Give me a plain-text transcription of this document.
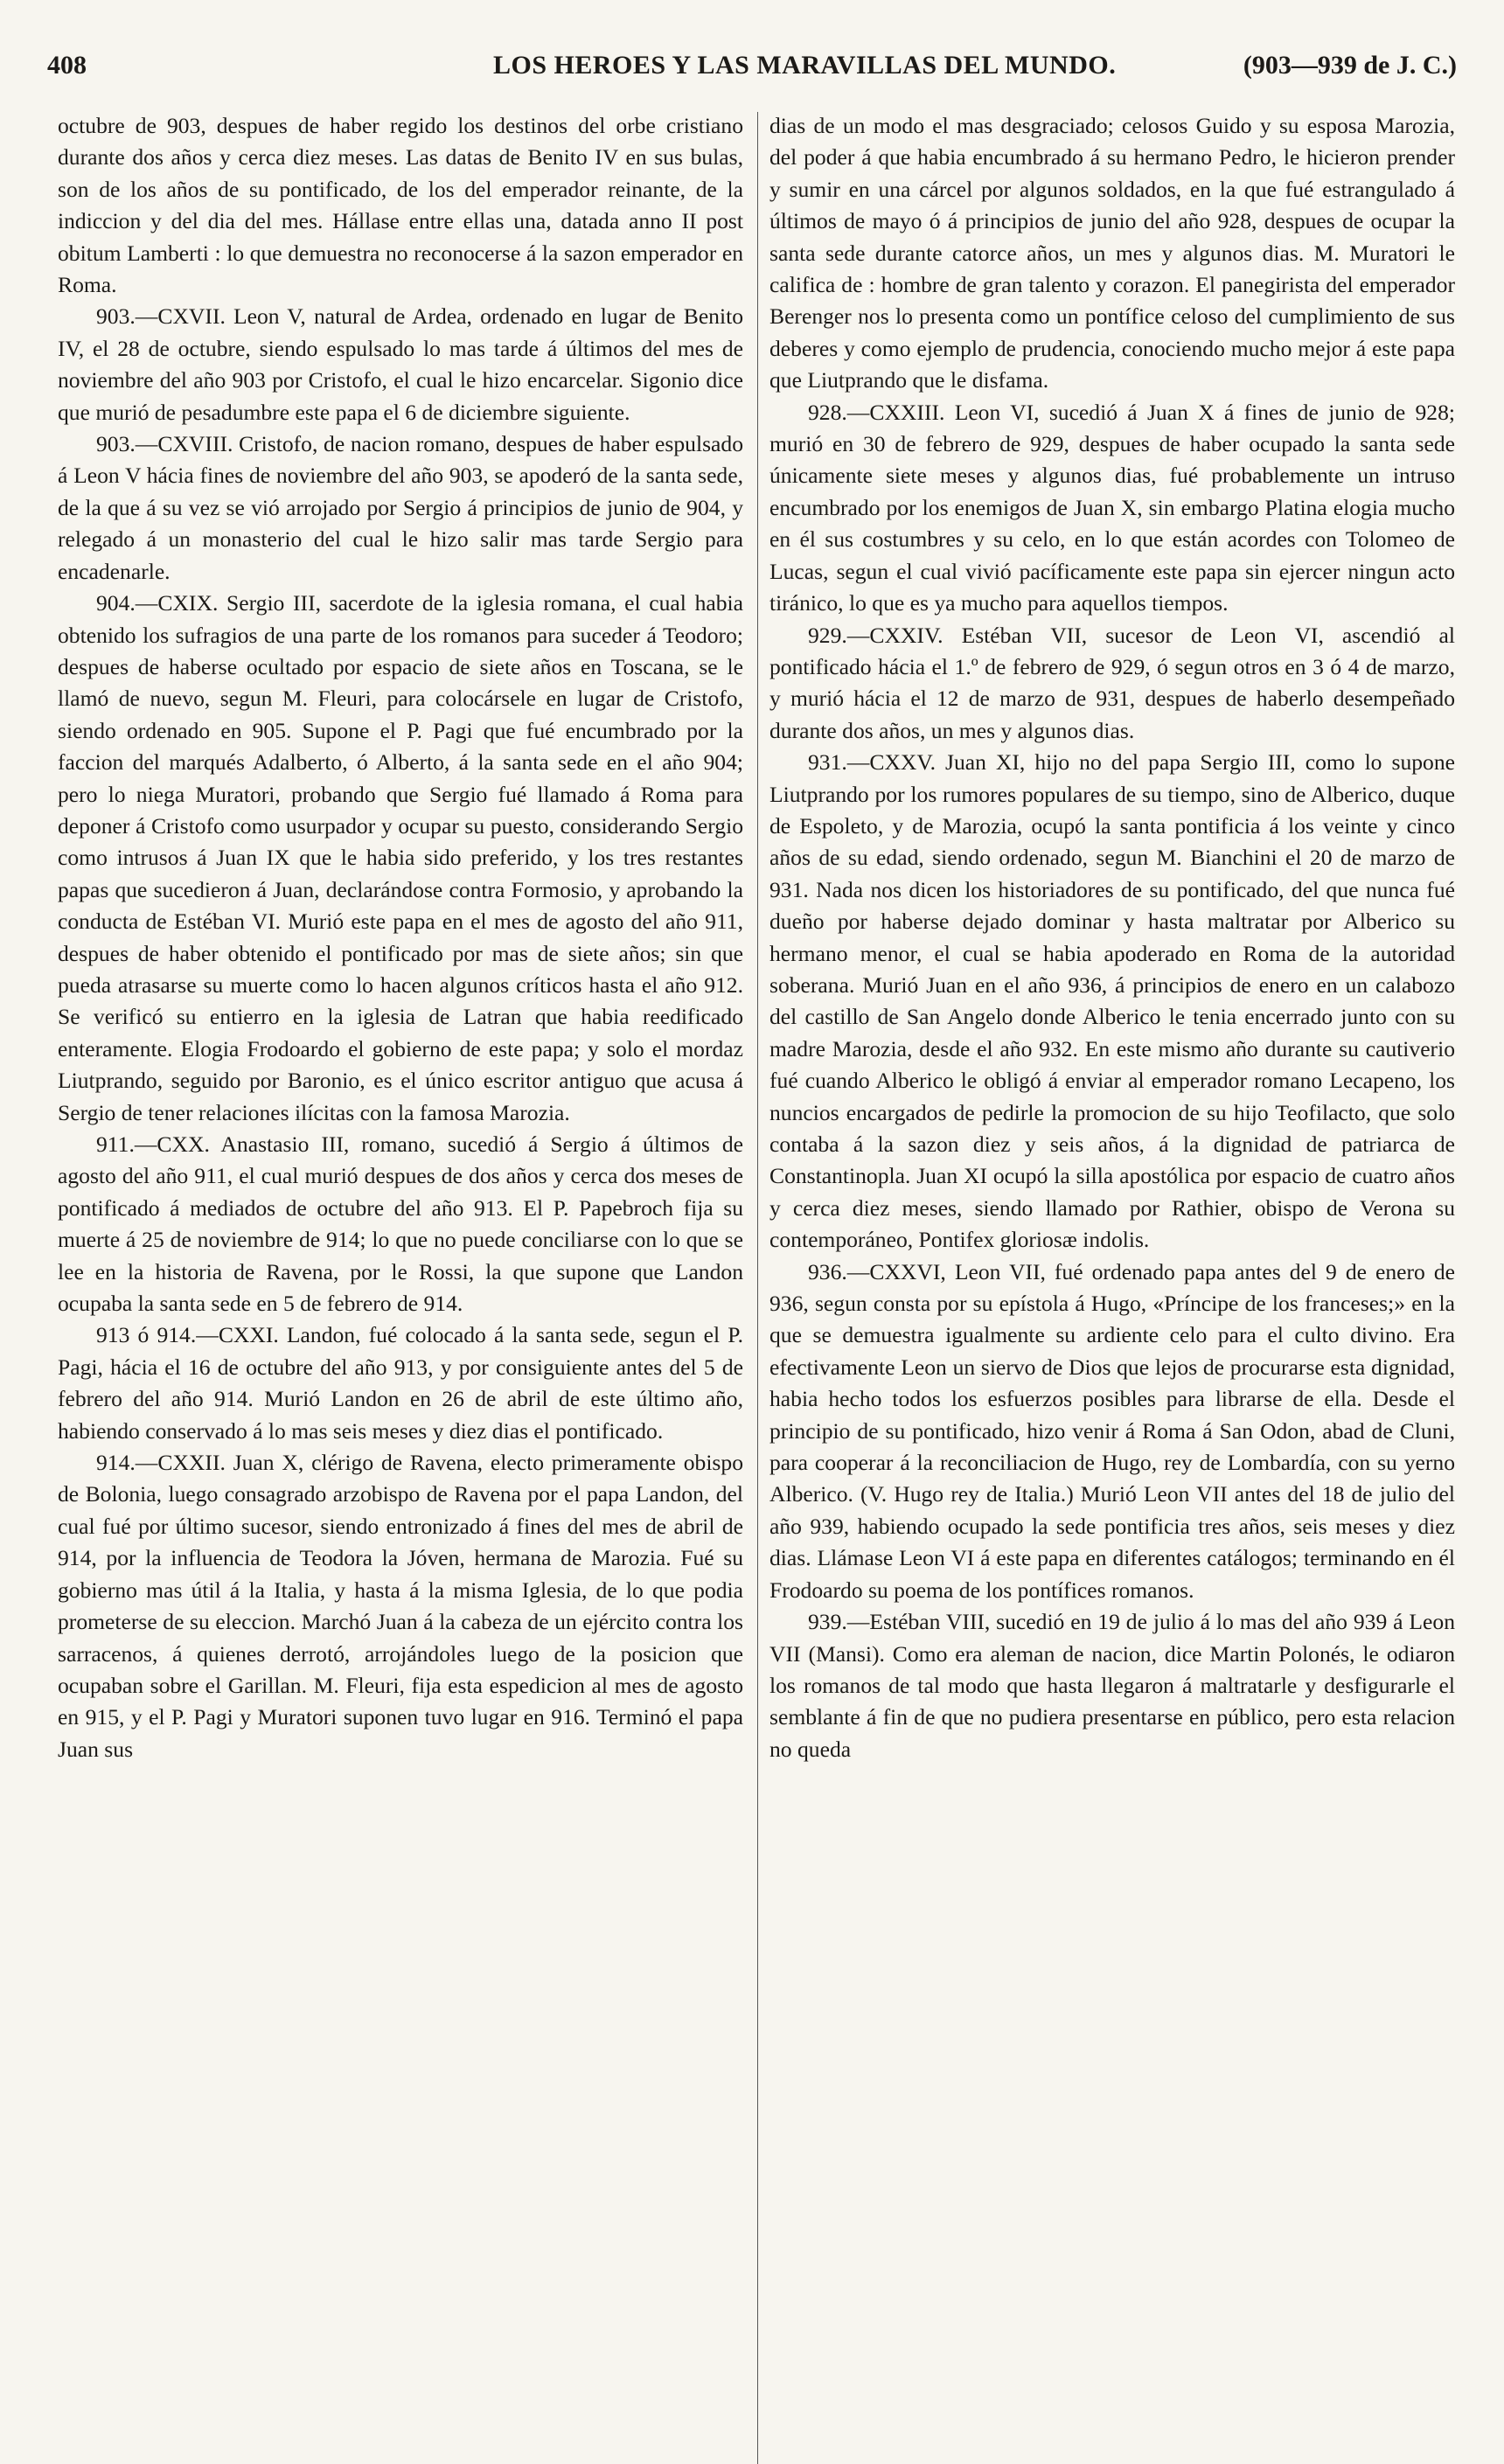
408	LOS HEROES Y LAS MARAVILLAS DEL MUNDO.	(903—939 de J. C.)

octubre de 903, despues de haber regido los destinos del orbe cristiano durante dos años y cerca diez meses. Las datas de Benito IV en sus bulas, son de los años de su pontificado, de los del emperador reinante, de la indiccion y del dia del mes. Hállase entre ellas una, datada anno II post obitum Lamberti : lo que demuestra no reconocerse á la sazon emperador en Roma.

903.—CXVII. Leon V, natural de Ardea, ordenado en lugar de Benito IV, el 28 de octubre, siendo espulsado lo mas tarde á últimos del mes de noviembre del año 903 por Cristofo, el cual le hizo encarcelar. Sigonio dice que murió de pesadumbre este papa el 6 de diciembre siguiente.

903.—CXVIII. Cristofo, de nacion romano, despues de haber espulsado á Leon V hácia fines de noviembre del año 903, se apoderó de la santa sede, de la que á su vez se vió arrojado por Sergio á principios de junio de 904, y relegado á un monasterio del cual le hizo salir mas tarde Sergio para encadenarle.

904.—CXIX. Sergio III, sacerdote de la iglesia romana, el cual habia obtenido los sufragios de una parte de los romanos para suceder á Teodoro; despues de haberse ocultado por espacio de siete años en Toscana, se le llamó de nuevo, segun M. Fleuri, para colocársele en lugar de Cristofo, siendo ordenado en 905. Supone el P. Pagi que fué encumbrado por la faccion del marqués Adalberto, ó Alberto, á la santa sede en el año 904; pero lo niega Muratori, probando que Sergio fué llamado á Roma para deponer á Cristofo como usurpador y ocupar su puesto, considerando Sergio como intrusos á Juan IX que le habia sido preferido, y los tres restantes papas que sucedieron á Juan, declarándose contra Formosio, y aprobando la conducta de Estéban VI. Murió este papa en el mes de agosto del año 911, despues de haber obtenido el pontificado por mas de siete años; sin que pueda atrasarse su muerte como lo hacen algunos críticos hasta el año 912. Se verificó su entierro en la iglesia de Latran que habia reedificado enteramente. Elogia Frodoardo el gobierno de este papa; y solo el mordaz Liutprando, seguido por Baronio, es el único escritor antiguo que acusa á Sergio de tener relaciones ilícitas con la famosa Marozia.

911.—CXX. Anastasio III, romano, sucedió á Sergio á últimos de agosto del año 911, el cual murió despues de dos años y cerca dos meses de pontificado á mediados de octubre del año 913. El P. Papebroch fija su muerte á 25 de noviembre de 914; lo que no puede conciliarse con lo que se lee en la historia de Ravena, por le Rossi, la que supone que Landon ocupaba la santa sede en 5 de febrero de 914.

913 ó 914.—CXXI. Landon, fué colocado á la santa sede, segun el P. Pagi, hácia el 16 de octubre del año 913, y por consiguiente antes del 5 de febrero del año 914. Murió Landon en 26 de abril de este último año, habiendo conservado á lo mas seis meses y diez dias el pontificado.

914.—CXXII. Juan X, clérigo de Ravena, electo primeramente obispo de Bolonia, luego consagrado arzobispo de Ravena por el papa Landon, del cual fué por último sucesor, siendo entronizado á fines del mes de abril de 914, por la influencia de Teodora la Jóven, hermana de Marozia. Fué su gobierno mas útil á la Italia, y hasta á la misma Iglesia, de lo que podia prometerse de su eleccion. Marchó Juan á la cabeza de un ejército contra los sarracenos, á quienes derrotó, arrojándoles luego de la posicion que ocupaban sobre el Garillan. M. Fleuri, fija esta espedicion al mes de agosto en 915, y el P. Pagi y Muratori suponen tuvo lugar en 916. Terminó el papa Juan sus

dias de un modo el mas desgraciado; celosos Guido y su esposa Marozia, del poder á que habia encumbrado á su hermano Pedro, le hicieron prender y sumir en una cárcel por algunos soldados, en la que fué estrangulado á últimos de mayo ó á principios de junio del año 928, despues de ocupar la santa sede durante catorce años, un mes y algunos dias. M. Muratori le califica de : hombre de gran talento y corazon. El panegirista del emperador Berenger nos lo presenta como un pontífice celoso del cumplimiento de sus deberes y como ejemplo de prudencia, conociendo mucho mejor á este papa que Liutprando que le disfama.

928.—CXXIII. Leon VI, sucedió á Juan X á fines de junio de 928; murió en 30 de febrero de 929, despues de haber ocupado la santa sede únicamente siete meses y algunos dias, fué probablemente un intruso encumbrado por los enemigos de Juan X, sin embargo Platina elogia mucho en él sus costumbres y su celo, en lo que están acordes con Tolomeo de Lucas, segun el cual vivió pacíficamente este papa sin ejercer ningun acto tiránico, lo que es ya mucho para aquellos tiempos.

929.—CXXIV. Estéban VII, sucesor de Leon VI, ascendió al pontificado hácia el 1.º de febrero de 929, ó segun otros en 3 ó 4 de marzo, y murió hácia el 12 de marzo de 931, despues de haberlo desempeñado durante dos años, un mes y algunos dias.

931.—CXXV. Juan XI, hijo no del papa Sergio III, como lo supone Liutprando por los rumores populares de su tiempo, sino de Alberico, duque de Espoleto, y de Marozia, ocupó la santa pontificia á los veinte y cinco años de su edad, siendo ordenado, segun M. Bianchini el 20 de marzo de 931. Nada nos dicen los historiadores de su pontificado, del que nunca fué dueño por haberse dejado dominar y hasta maltratar por Alberico su hermano menor, el cual se habia apoderado en Roma de la autoridad soberana. Murió Juan en el año 936, á principios de enero en un calabozo del castillo de San Angelo donde Alberico le tenia encerrado junto con su madre Marozia, desde el año 932. En este mismo año durante su cautiverio fué cuando Alberico le obligó á enviar al emperador romano Lecapeno, los nuncios encargados de pedirle la promocion de su hijo Teofilacto, que solo contaba á la sazon diez y seis años, á la dignidad de patriarca de Constantinopla. Juan XI ocupó la silla apostólica por espacio de cuatro años y cerca diez meses, siendo llamado por Rathier, obispo de Verona su contemporáneo, Pontifex gloriosæ indolis.

936.—CXXVI, Leon VII, fué ordenado papa antes del 9 de enero de 936, segun consta por su epístola á Hugo, «Príncipe de los franceses;» en la que se demuestra igualmente su ardiente celo para el culto divino. Era efectivamente Leon un siervo de Dios que lejos de procurarse esta dignidad, habia hecho todos los esfuerzos posibles para librarse de ella. Desde el principio de su pontificado, hizo venir á Roma á San Odon, abad de Cluni, para cooperar á la reconciliacion de Hugo, rey de Lombardía, con su yerno Alberico. (V. Hugo rey de Italia.) Murió Leon VII antes del 18 de julio del año 939, habiendo ocupado la sede pontificia tres años, seis meses y diez dias. Llámase Leon VI á este papa en diferentes catálogos; terminando en él Frodoardo su poema de los pontífices romanos.

939.—Estéban VIII, sucedió en 19 de julio á lo mas del año 939 á Leon VII (Mansi). Como era aleman de nacion, dice Martin Polonés, le odiaron los romanos de tal modo que hasta llegaron á maltratarle y desfigurarle el semblante á fin de que no pudiera presentarse en público, pero esta relacion no queda
